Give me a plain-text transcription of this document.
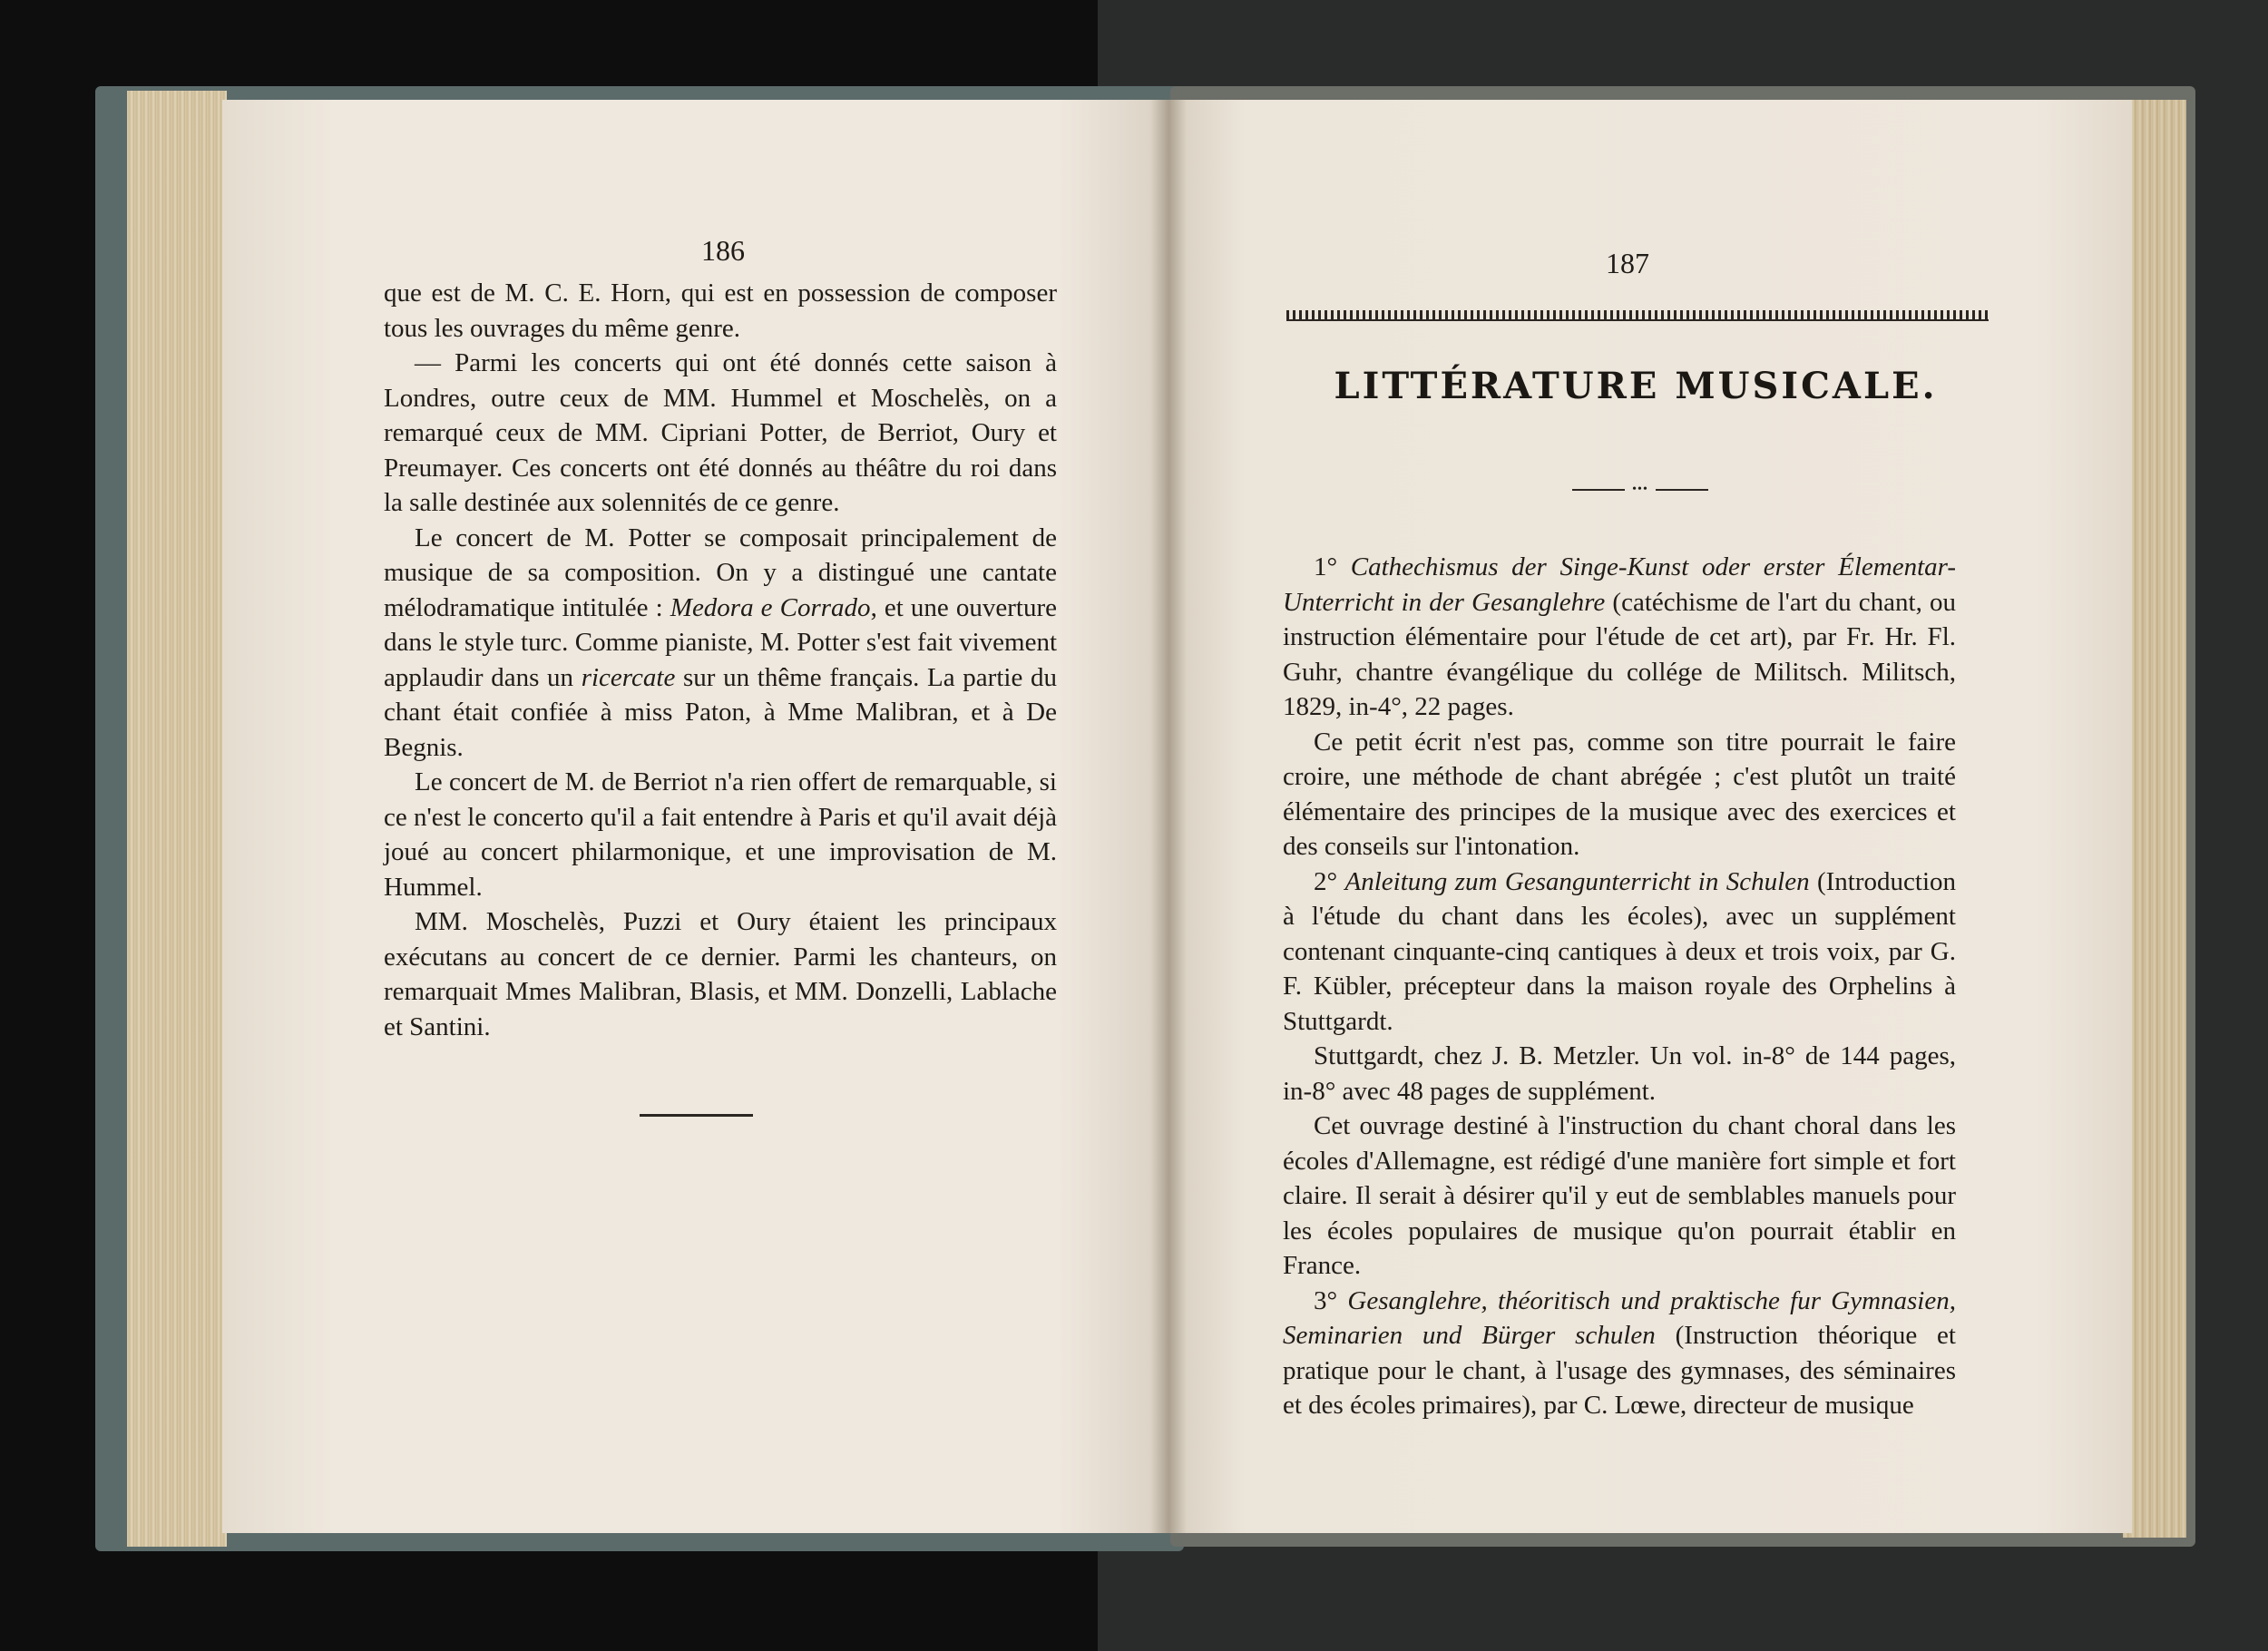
186

que est de M. C. E. Horn, qui est en possession de composer tous les ouvrages du même genre.

— Parmi les concerts qui ont été donnés cette saison à Londres, outre ceux de MM. Hummel et Moschelès, on a remarqué ceux de MM. Cipriani Potter, de Berriot, Oury et Preumayer. Ces concerts ont été donnés au théâtre du roi dans la salle destinée aux solennités de ce genre.

Le concert de M. Potter se composait principalement de musique de sa composition. On y a distingué une cantate mélodramatique intitulée : Medora e Corrado, et une ouverture dans le style turc. Comme pianiste, M. Potter s'est fait vivement applaudir dans un ricercate sur un thême français. La partie du chant était confiée à miss Paton, à Mme Malibran, et à De Begnis.

Le concert de M. de Berriot n'a rien offert de remarquable, si ce n'est le concerto qu'il a fait entendre à Paris et qu'il avait déjà joué au concert philarmonique, et une improvisation de M. Hummel.

MM. Moschelès, Puzzi et Oury étaient les principaux exécutans au concert de ce dernier. Parmi les chanteurs, on remarquait Mmes Malibran, Blasis, et MM. Donzelli, Lablache et Santini.

187
LITTÉRATURE MUSICALE.
•••

1° Cathechismus der Singe-Kunst oder erster Élementar-Unterricht in der Gesanglehre (catéchisme de l'art du chant, ou instruction élémentaire pour l'étude de cet art), par Fr. Hr. Fl. Guhr, chantre évangélique du collége de Militsch. Militsch, 1829, in-4°, 22 pages.

Ce petit écrit n'est pas, comme son titre pourrait le faire croire, une méthode de chant abrégée ; c'est plutôt un traité élémentaire des principes de la musique avec des exercices et des conseils sur l'intonation.

2° Anleitung zum Gesangunterricht in Schulen (Introduction à l'étude du chant dans les écoles), avec un supplément contenant cinquante-cinq cantiques à deux et trois voix, par G. F. Kübler, précepteur dans la maison royale des Orphelins à Stuttgardt.

Stuttgardt, chez J. B. Metzler. Un vol. in-8° de 144 pages, in-8° avec 48 pages de supplément.

Cet ouvrage destiné à l'instruction du chant choral dans les écoles d'Allemagne, est rédigé d'une manière fort simple et fort claire. Il serait à désirer qu'il y eut de semblables manuels pour les écoles populaires de musique qu'on pourrait établir en France.

3° Gesanglehre, théoritisch und praktische fur Gymnasien, Seminarien und Bürger schulen (Instruction théorique et pratique pour le chant, à l'usage des gymnases, des séminaires et des écoles primaires), par C. Lœwe, directeur de musique
